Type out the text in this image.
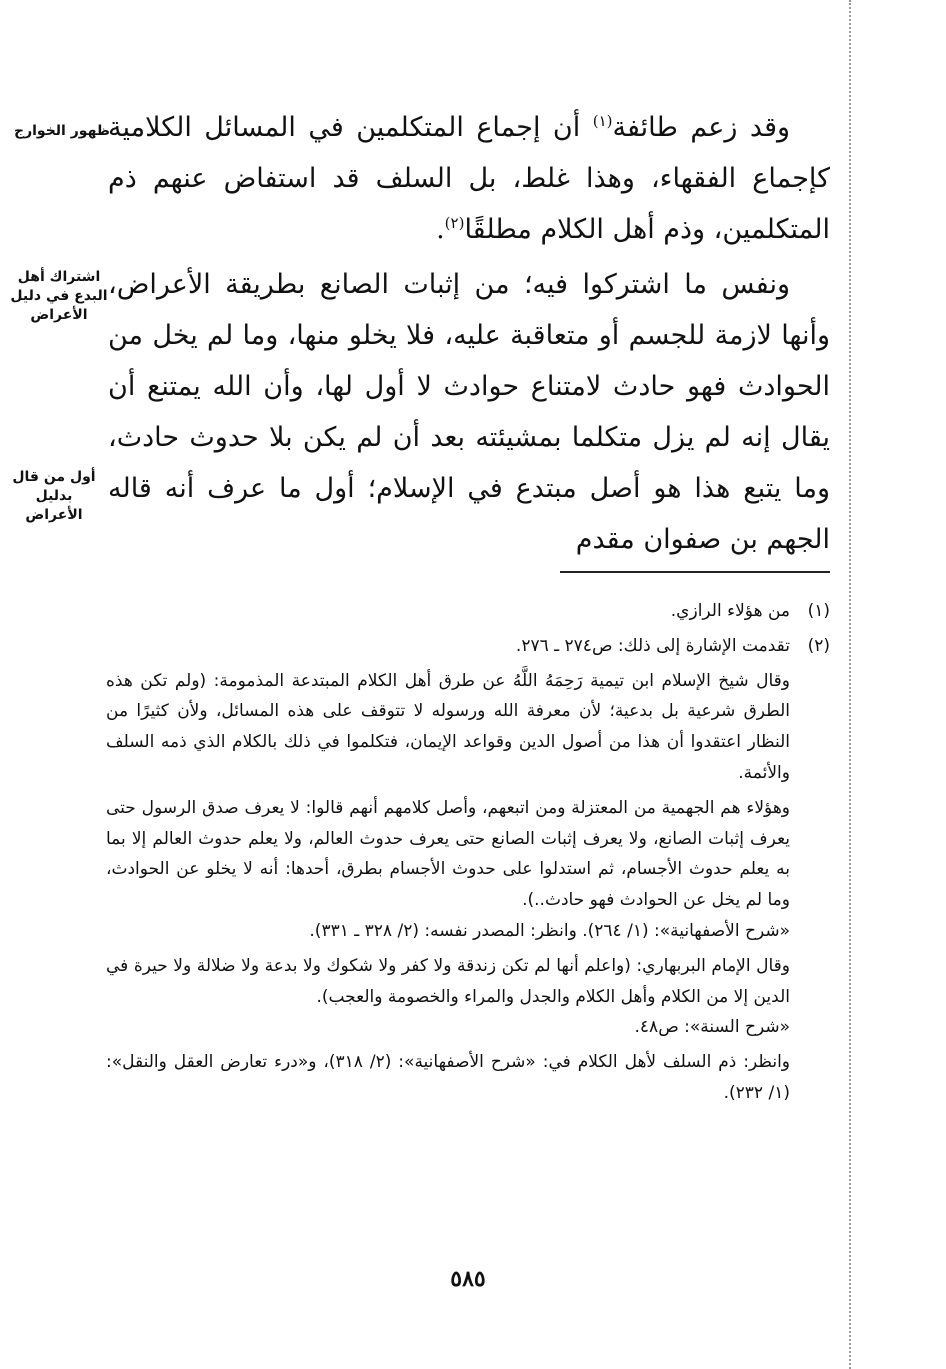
وقد زعم طائفة$^{(١)}$ أن إجماع المتكلمين في المسائل الكلامية كإجماع الفقهاء، وهذا غلط، بل السلف قد استفاض عنهم ذم المتكلمين، وذم أهل الكلام مطلقًا$^{(٢)}$.

ونفس ما اشتركوا فيه؛ من إثبات الصانع بطريقة الأعراض، وأنها لازمة للجسم أو متعاقبة عليه، فلا يخلو منها، وما لم يخل من الحوادث فهو حادث لامتناع حوادث لا أول لها، وأن الله يمتنع أن يقال إنه لم يزل متكلما بمشيئته بعد أن لم يكن بلا حدوث حادث، وما يتبع هذا هو أصل مبتدع في الإسلام؛ أول ما عرف أنه قاله الجهم بن صفوان مقدم

ظهور الخوارج
اشتراك أهل البدع في دليل الأعراض
أول من قال بدليل الأعراض
(١)

من هؤلاء الرازي.

(٢)

تقدمت الإشارة إلى ذلك: ص٢٧٤ ـ ٢٧٦.

وقال شيخ الإسلام ابن تيمية رَحِمَهُ اللَّهُ عن طرق أهل الكلام المبتدعة المذمومة: (ولم تكن هذه الطرق شرعية بل بدعية؛ لأن معرفة الله ورسوله لا تتوقف على هذه المسائل، ولأن كثيرًا من النظار اعتقدوا أن هذا من أصول الدين وقواعد الإيمان، فتكلموا في ذلك بالكلام الذي ذمه السلف والأئمة.

وهؤلاء هم الجهمية من المعتزلة ومن اتبعهم، وأصل كلامهم أنهم قالوا: لا يعرف صدق الرسول حتى يعرف إثبات الصانع، ولا يعرف إثبات الصانع حتى يعرف حدوث العالم، ولا يعلم حدوث العالم إلا بما به يعلم حدوث الأجسام، ثم استدلوا على حدوث الأجسام بطرق، أحدها: أنه لا يخلو عن الحوادث، وما لم يخل عن الحوادث فهو حادث..).

«شرح الأصفهانية»: (١/ ٢٦٤). وانظر: المصدر نفسه: (٢/ ٣٢٨ ـ ٣٣١).

وقال الإمام البربهاري: (واعلم أنها لم تكن زندقة ولا كفر ولا شكوك ولا بدعة ولا ضلالة ولا حيرة في الدين إلا من الكلام وأهل الكلام والجدل والمراء والخصومة والعجب).

«شرح السنة»: ص٤٨.

وانظر: ذم السلف لأهل الكلام في: «شرح الأصفهانية»: (٢/ ٣١٨)، و«درء تعارض العقل والنقل»: (١/ ٢٣٢).

٥٨٥
